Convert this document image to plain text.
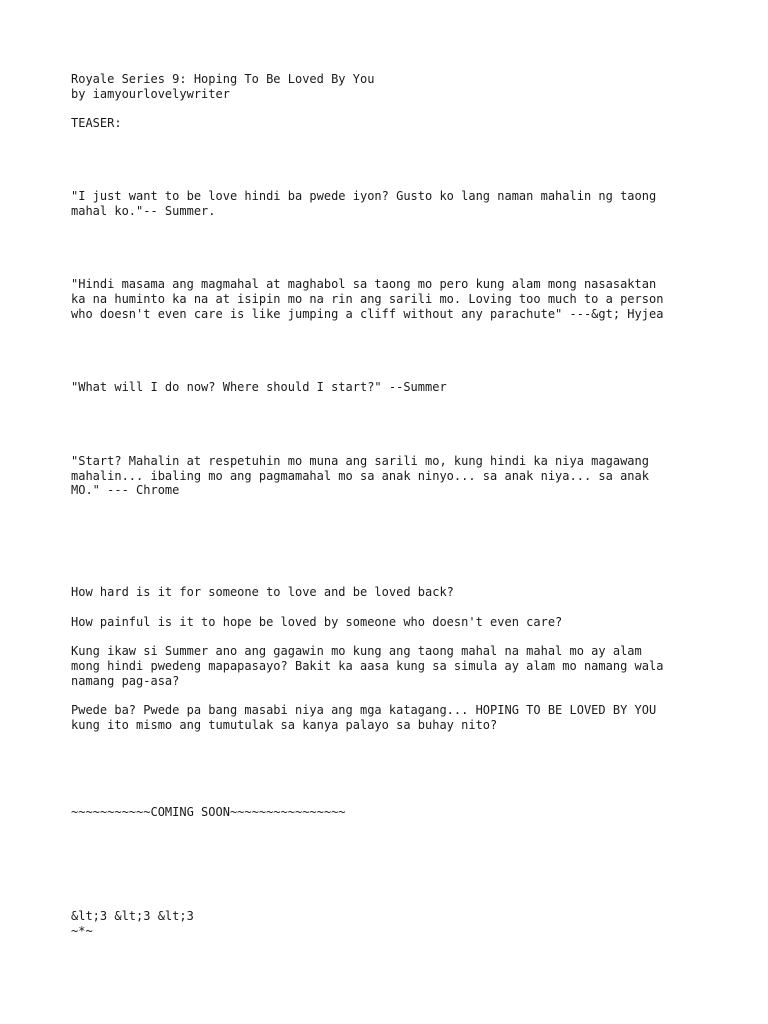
Royale Series 9: Hoping To Be Loved By You
by iamyourlovelywriter
TEASER:
"I just want to be love hindi ba pwede iyon? Gusto ko lang naman mahalin ng taong
mahal ko."-- Summer.
"Hindi masama ang magmahal at maghabol sa taong mo pero kung alam mong nasasaktan
ka na huminto ka na at isipin mo na rin ang sarili mo. Loving too much to a person
who doesn't even care is like jumping a cliff without any parachute" ---&gt; Hyjea
"What will I do now? Where should I start?" --Summer
"Start? Mahalin at respetuhin mo muna ang sarili mo, kung hindi ka niya magawang
mahalin... ibaling mo ang pagmamahal mo sa anak ninyo... sa anak niya... sa anak
MO." --- Chrome
How hard is it for someone to love and be loved back?
How painful is it to hope be loved by someone who doesn't even care?
Kung ikaw si Summer ano ang gagawin mo kung ang taong mahal na mahal mo ay alam
mong hindi pwedeng mapapasayo? Bakit ka aasa kung sa simula ay alam mo namang wala
namang pag-asa?
Pwede ba? Pwede pa bang masabi niya ang mga katagang... HOPING TO BE LOVED BY YOU
kung ito mismo ang tumutulak sa kanya palayo sa buhay nito?
~~~~~~~~~~~COMING SOON~~~~~~~~~~~~~~~~
&lt;3 &lt;3 &lt;3
~*~
